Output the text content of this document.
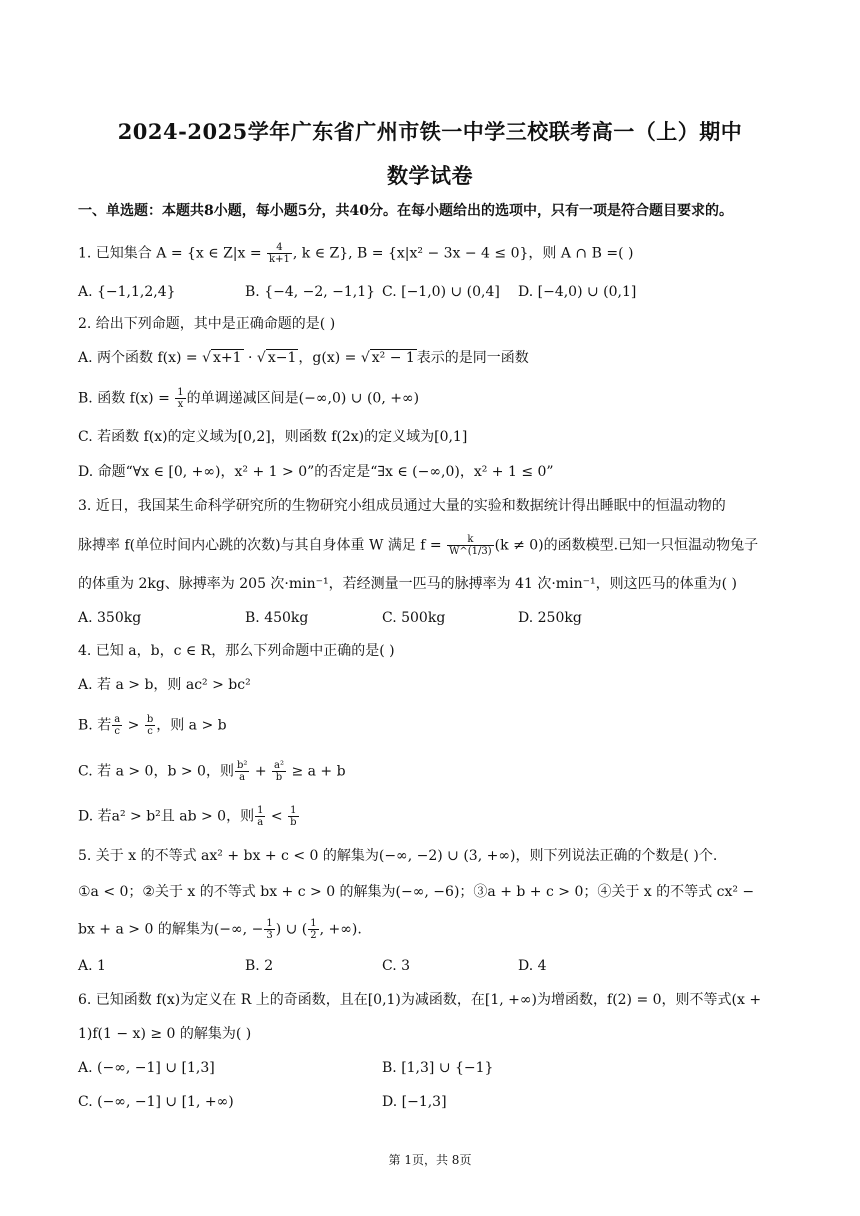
2024-2025学年广东省广州市铁一中学三校联考高一（上）期中
数学试卷
一、单选题：本题共8小题，每小题5分，共40分。在每小题给出的选项中，只有一项是符合题目要求的。
1. 已知集合 A = {x ∈ $Z|x = \frac{4}{k+1}$ , k ∈ Z}, B = {x|x² − 3x − 4 ≤ 0}，则 A ∩ B =( )
A. {−1,1,2,4}	B. {−4, −2, −1,1} C. [−1,0) ∪ (0,4] D. [−4,0) ∪ (0,1]
2. 给出下列命题，其中是正确命题的是( )
A. 两个函数 f(x) = √ x+1 · √ x−1 ，g(x) = √ x² − 1 表示的是同一函数
B. 函数 $f(x) = \frac{1}{x}$ 的单调递减区间是(−∞,0) ∪ (0, +∞)
C. 若函数 f(x)的定义域为[0,2]，则函数 f(2x)的定义域为[0,1]
D. 命题“∀x ∈ [0, +∞)，x² + 1 > 0”的否定是“∃x ∈ (−∞,0)，x² + 1 ≤ 0”
3. 近日，我国某生命科学研究所的生物研究小组成员通过大量的实验和数据统计得出睡眠中的恒温动物的
脉搏率 f(单位时间内心跳的次数)与其自身体重 W 满足 $f = \frac{k}{W\^{}(1/3)} (k \ne 0)$的函数模型.已知一只恒温动物兔子
的体重为 2kg、脉搏率为 205 次·min⁻¹，若经测量一匹马的脉搏率为 41 次·min⁻¹，则这匹马的体重为( )
A. 350kg	B. 450kg	C. 500kg	D. 250kg
4. 已知 a，b，c ∈ R，那么下列命题中正确的是( )
A. 若 a > b，则 ac² > bc²
B. 若 $\frac{a}{c} > \frac{b}{c}$ ，则 a > b
C. 若 a > 0，b > 0，则 $\frac{\text{b²}}{a} + \frac{\text{a²}}{b} \ge a + b$
D. 若a² > b²且 ab > 0，则 $\frac{1}{a} < \frac{1}{b}$
5. 关于 x 的不等式 ax² + bx + c < 0 的解集为(−∞, −2) ∪ (3, +∞)，则下列说法正确的个数是( )个.
①a < 0；②关于 x 的不等式 bx + c > 0 的解集为(−∞, −6)；③a + b + c > 0；④关于 x 的不等式 cx² −
bx + a > 0 的解集为(−∞, − $\frac{1}{3}$ ) ∪ ( $\frac{1}{2}$ , +∞).
A. 1	B. 2	C. 3	D. 4
6. 已知函数 f(x)为定义在 R 上的奇函数，且在[0,1)为减函数，在[1, +∞)为增函数，f(2) = 0，则不等式(x +
1)f(1 − x) ≥ 0 的解集为( )
A. (−∞, −1] ∪ [1,3]	B. [1,3] ∪ {−1}
C. (−∞, −1] ∪ [1, +∞)	D. [−1,3]
第 1页，共 8页
